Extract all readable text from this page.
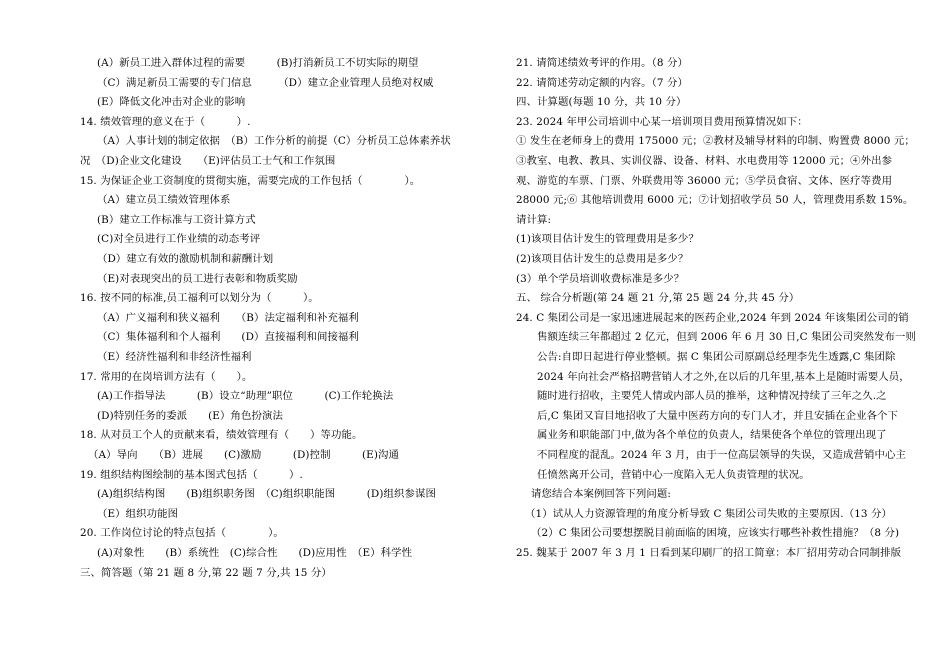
(A）新员工进入群体过程的需要　　　(B)打消新员工不切实际的期望
（C）满足新员工需要的专门信息　　　（D）建立企业管理人员绝对权威
(E）降低文化冲击对企业的影响
14. 绩效管理的意义在于（　　　）.
（A）人事计划的制定依据　（B）工作分析的前提（C）分析员工总体素养状
况　（D)企业文化建设　　（E)评估员工士气和工作氛围
15. 为保证企业工资制度的贯彻实施，需要完成的工作包括（　　　　）。
（A）建立员工绩效管理体系
(B）建立工作标准与工资计算方式
(C)对全员进行工作业绩的动态考评
（D）建立有效的激励机制和薪酬计划
（E)对表现突出的员工进行表彰和物质奖励
16. 按不同的标准,员工福利可以划分为（　　　）。
（A）广义福利和狭义福利　　（B）法定福利和补充福利
（C）集体福利和个人福利　　(D）直接福利和间接福利
（E）经济性福利和非经济性福利
17. 常用的在岗培训方法有（　　）。
(A)工作指导法　　　(B）设立“助理”职位　　　(C)工作轮换法
(D)特别任务的委派　　(E）角色扮演法
18. 从对员工个人的贡献来看，绩效管理有（　　）等功能。
（A）导向　　（B）进展　　(C)激励　　　(D)控制　　　(E)沟通
19. 组织结构图绘制的基本图式包括（　　　）.
(A)组织结构图　　(B)组织职务图　（C)组织职能图　　　(D)组织参谋图
（E）组织功能图
20. 工作岗位讨论的特点包括（　　　　）。
(A)对象性　　(B）系统性　(C)综合性　　(D)应用性　（E）科学性
三、简答题（第 21 题 8 分,第 22 题 7 分,共 15 分）
21. 请简述绩效考评的作用。（8 分）
22. 请简述劳动定额的内容。（7 分）
四、计算题(每题 10 分，共 10 分）
23. 2024 年甲公司培训中心某一培训项目费用预算情况如下：
① 发生在老师身上的费用 175000 元；②教材及辅导材料的印制、购置费 8000 元；
③教室、电教、教具、实训仪器、设备、材料、水电费用等 12000 元；④外出参
观、游览的车票、门票、外联费用等 36000 元；⑤学员食宿、文体、医疗等费用
28000 元;⑥ 其他培训费用 6000 元；⑦计划招收学员 50 人，管理费用系数 15%。
请计算:
(1)该项目估计发生的管理费用是多少？
(2)该项目估计发生的总费用是多少？
(3）单个学员培训收费标准是多少？
五、 综合分析题(第 24 题 21 分,第 25 题 24 分,共 45 分）
24. C 集团公司是一家迅速进展起来的医药企业,2024 年到 2024 年该集团公司的销
售额连续三年都超过 2 亿元，但到 2006 年 6 月 30 日,C 集团公司突然发布一则
公告:自即日起进行停业整顿。据 C 集团公司原副总经理李先生透露,C 集团除
2024 年向社会严格招聘营销人才之外,在以后的几年里,基本上是随时需要人员，
随时进行招收，主要凭人情或内部人员的推举，这种情况持续了三年之久.之
后,C 集团又盲目地招收了大量中医药方向的专门人才，并且安插在企业各个下
属业务和职能部门中,做为各个单位的负责人，结果使各个单位的管理出现了
不同程度的混乱。2024 年 3 月，由于一位高层领导的失误，又造成营销中心主
任愤然离开公司，营销中心一度陷入无人负责管理的状况。
请您结合本案例回答下列问题:
（1）试从人力资源管理的角度分析导致 C 集团公司失败的主要原因.（13 分）
（2）C 集团公司要想摆脱目前面临的困境，应该实行哪些补救性措施？（8 分)
25. 魏某于 2007 年 3 月 1 日看到某印刷厂的招工简章：本厂招用劳动合同制排版
